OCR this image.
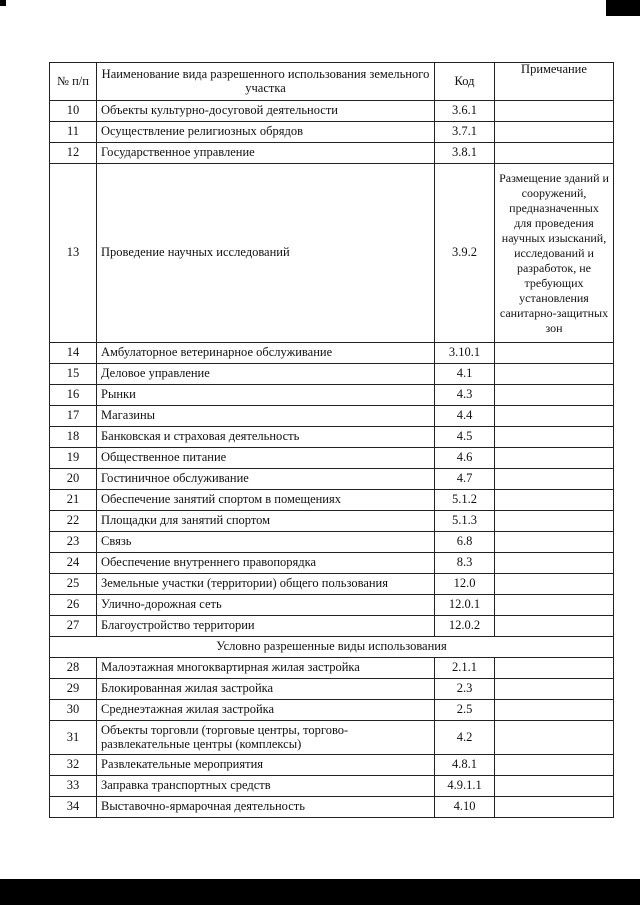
№ п/п	Наименование вида разрешенного использования земельного участка	Код	Примечание
10	Объекты культурно-досуговой деятельности	3.6.1	
11	Осуществление религиозных обрядов	3.7.1	
12	Государственное управление	3.8.1	
13	Проведение научных исследований	3.9.2	Размещение зданий и сооружений, предназначенных для проведения научных изысканий, исследований и разработок, не требующих установления санитарно-защитных зон
14	Амбулаторное ветеринарное обслуживание	3.10.1	
15	Деловое управление	4.1	
16	Рынки	4.3	
17	Магазины	4.4	
18	Банковская и страховая деятельность	4.5	
19	Общественное питание	4.6	
20	Гостиничное обслуживание	4.7	
21	Обеспечение занятий спортом в помещениях	5.1.2	
22	Площадки для занятий спортом	5.1.3	
23	Связь	6.8	
24	Обеспечение внутреннего правопорядка	8.3	
25	Земельные участки (территории) общего пользования	12.0	
26	Улично-дорожная сеть	12.0.1	
27	Благоустройство территории	12.0.2	
Условно разрешенные виды использования			
28	Малоэтажная многоквартирная жилая застройка	2.1.1	
29	Блокированная жилая застройка	2.3	
30	Среднеэтажная жилая застройка	2.5	
31	Объекты торговли (торговые центры, торгово-развлекательные центры (комплексы)	4.2	
32	Развлекательные мероприятия	4.8.1	
33	Заправка транспортных средств	4.9.1.1	
34	Выставочно-ярмарочная деятельность	4.10	
